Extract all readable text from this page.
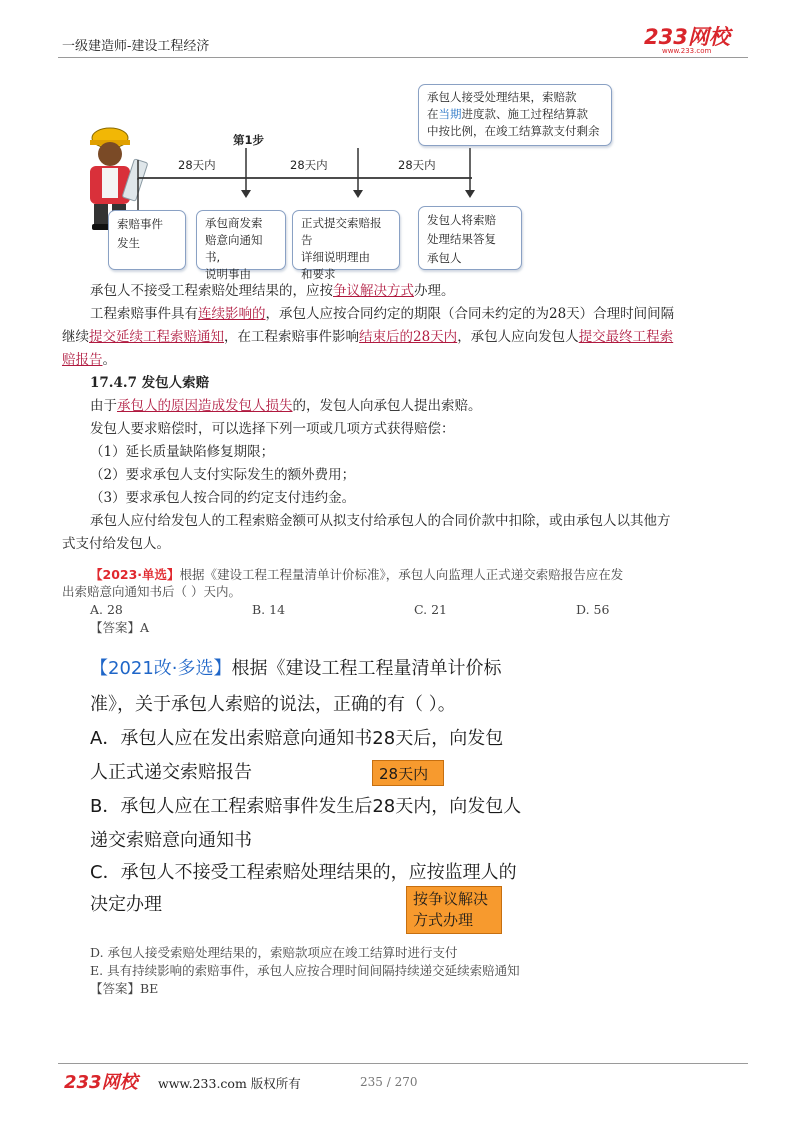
一级建造师-建设工程经济	233网校
www.233.com
第1步
28天内	28天内	28天内
索赔事件
发生
承包商发索
赔意向通知书,
说明事由
正式提交索赔报告
详细说明理由
和要求
发包人将索赔
处理结果答复
承包人
承包人接受处理结果，索赔款
在当期进度款、施工过程结算款
中按比例，在竣工结算款支付剩余
承包人不接受工程索赔处理结果的，应按争议解决方式办理。
工程索赔事件具有连续影响的，承包人应按合同约定的期限（合同未约定的为28天）合理时间间隔
继续提交延续工程索赔通知，在工程索赔事件影响结束后的28天内，承包人应向发包人提交最终工程索
赔报告。
17.4.7 发包人索赔
由于承包人的原因造成发包人损失的，发包人向承包人提出索赔。
发包人要求赔偿时，可以选择下列一项或几项方式获得赔偿：
（1）延长质量缺陷修复期限；
（2）要求承包人支付实际发生的额外费用；
（3）要求承包人按合同的约定支付违约金。
承包人应付给发包人的工程索赔金额可从拟支付给承包人的合同价款中扣除，或由承包人以其他方
式支付给发包人。
【2023·单选】根据《建设工程工程量清单计价标准》，承包人向监理人正式递交索赔报告应在发
出索赔意向通知书后（ ）天内。
A. 28	B. 14	C. 21	D. 56
【答案】A
【2021改·多选】根据《建设工程工程量清单计价标
准》，关于承包人索赔的说法，正确的有（ ）。
A．承包人应在发出索赔意向通知书28天后，向发包
人正式递交索赔报告	28天内
B．承包人应在工程索赔事件发生后28天内，向发包人
递交索赔意向通知书
C．承包人不接受工程索赔处理结果的，应按监理人的
决定办理	按争议解决
方式办理
D. 承包人接受索赔处理结果的，索赔款项应在竣工结算时进行支付
E. 具有持续影响的索赔事件，承包人应按合理时间间隔持续递交延续索赔通知
【答案】BE
233网校 www.233.com 版权所有	235 / 270
